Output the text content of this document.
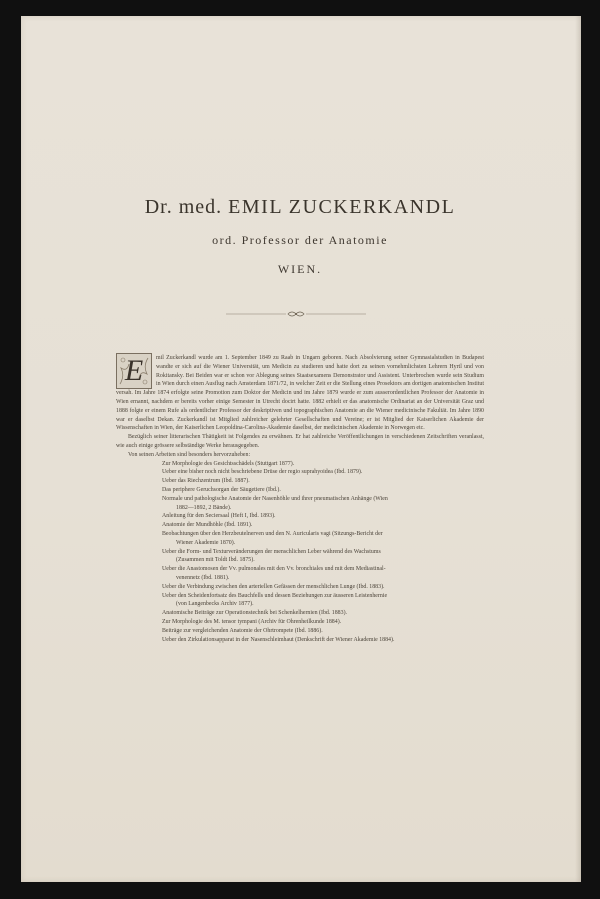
Dr. med. EMIL ZUCKERKANDL
ord. Professor der Anatomie
WIEN.
E	mil Zuckerkandl wurde am 1. September 1849 zu Raab in Ungarn geboren. Nach Absolvierung seiner Gymnasialstudien in Budapest wandte er sich auf die Wiener Universität, um Medicin zu studieren und hatte dort zu seinen vornehmlichsten Lehrern Hyrtl und von Rokitansky. Bei Beiden war er schon vor Ablegung seines Staatsexamens Demonstrator und Assistent. Unterbrochen wurde sein Studium in Wien durch einen Ausflug nach Amsterdam 1871/72, in welcher Zeit er die Stellung eines Prosektors am dortigen anatomischen Institut versah. Im Jahre 1874 erfolgte seine Promotion zum Doktor der Medicin und im Jahre 1879 wurde er zum ausserordentlichen Professor der Anatomie in Wien ernannt, nachdem er bereits vorher einige Semester in Utrecht docirt hatte. 1882 erhielt er das anatomische Ordinariat an der Universität Graz und 1888 folgte er einem Rufe als ordentlicher Professor der deskriptiven und topographischen Anatomie an die Wiener medicinische Fakultät. Im Jahre 1890 war er daselbst Dekan. Zuckerkandl ist Mitglied zahlreicher gelehrter Gesellschaften und Vereine; er ist Mitglied der Kaiserlichen Akademie der Wissenschaften in Wien, der Kaiserlichen Leopoldina-Carolina-Akademie daselbst, der medicinischen Akademie in Norwegen etc.

Bezüglich seiner litterarischen Thätigkeit ist Folgendes zu erwähnen. Er hat zahlreiche Veröffentlichungen in verschiedenen Zeitschriften veranlasst, wie auch einige grössere selbständige Werke herausgegeben.

Von seinen Arbeiten sind besonders hervorzuheben:

Zur Morphologie des Gesichtsschädels (Stuttgart 1877).
Ueber eine bisher noch nicht beschriebene Drüse der regio suprahyoidea (Ibd. 1879).
Ueber das Riechzentrum (Ibd. 1887).
Das periphere Geruchsorgan der Säugetiere (Ibd.).
Normale und pathologische Anatomie der Nasenhöhle und ihrer pneumatischen Anhänge (Wien
1882—1892, 2 Bände).
Anleitung für den Seciersaal (Heft I, Ibd. 1893).
Anatomie der Mundhöhle (Ibd. 1891).
Beobachtungen über den Herzbeutelnerven und den N. Auricularis vagi (Sitzungs-Bericht der
Wiener Akademie 1870).
Ueber die Form- und Texturveränderungen der menschlichen Leber während des Wachstums
(Zusammen mit Toldt Ibd. 1875).
Ueber die Anastomosen der Vv. pulmonales mit den Vv. bronchiales und mit dem Mediastinal-
venennetz (Ibd. 1881).
Ueber die Verbindung zwischen den arteriellen Gefässen der menschlichen Lunge (Ibd. 1883).
Ueber den Scheidenfortsatz des Bauchfells und dessen Beziehungen zur äusseren Leistenhernie
(von Langenbecks Archiv 1877).
Anatomische Beiträge zur Operationstechnik bei Schenkelhernien (Ibd. 1883).
Zur Morphologie des M. tensor tympani (Archiv für Ohrenheilkunde 1884).
Beiträge zur vergleichenden Anatomie der Ohrtrompete (Ibd. 1886).
Ueber den Zirkulationsapparat in der Nasenschleimhaut (Denkschrift der Wiener Akademie 1884).
